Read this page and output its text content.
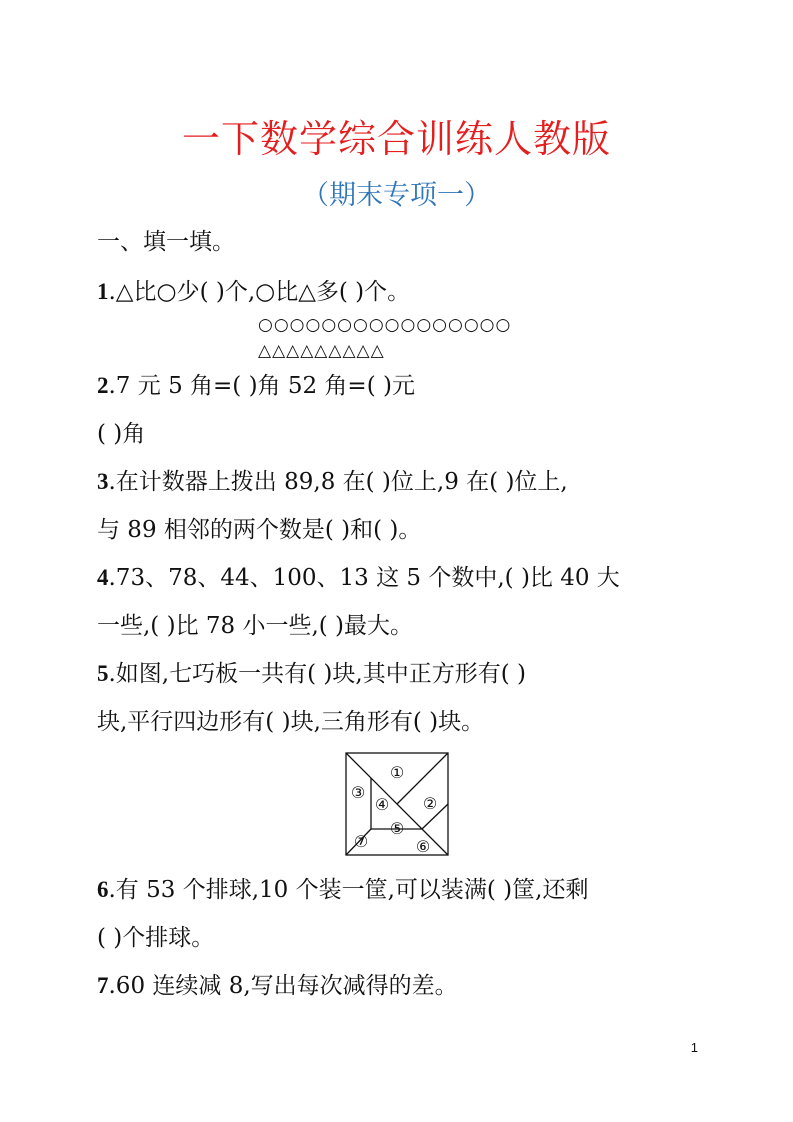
一下数学综合训练人教版
（期末专项一）
一、填一填。
1.△比○少( )个,○比△多( )个。
○○○○○○○○○○○○○○○○
△△△△△△△△△
2.7 元 5 角=( )角 52 角=( )元
( )角
3.在计数器上拨出 89,8 在( )位上,9 在( )位上,
与 89 相邻的两个数是( )和( )。
4.73、78、44、100、13 这 5 个数中,( )比 40 大
一些,( )比 78 小一些,( )最大。
5.如图,七巧板一共有( )块,其中正方形有( )
块,平行四边形有( )块,三角形有( )块。
①
②
③
④
⑤
⑥
⑦
6.有 53 个排球,10 个装一筐,可以装满( )筐,还剩
( )个排球。
7.60 连续减 8,写出每次减得的差。
1
